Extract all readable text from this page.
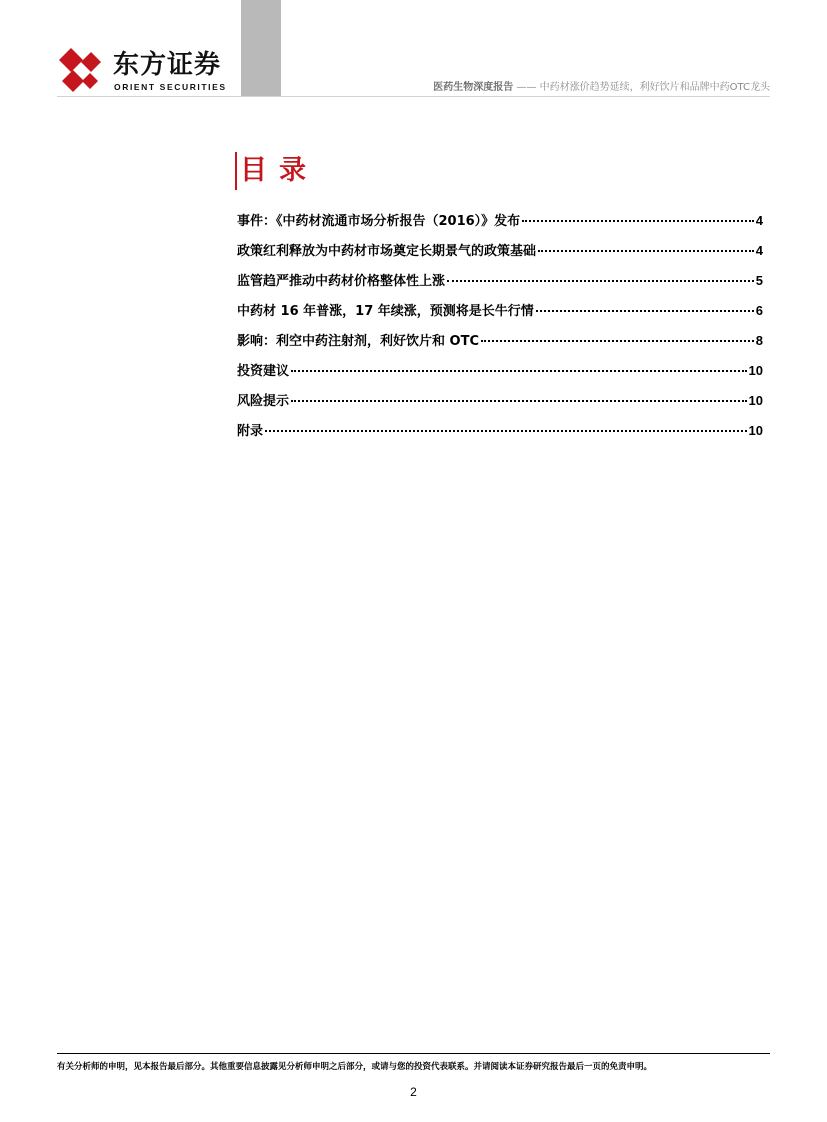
东方证券
ORIENT SECURITIES	医药生物深度报告 —— 中药材涨价趋势延续，利好饮片和品牌中药OTC龙头
目录
事件：《中药材流通市场分析报告（2016）》发布	4
政策红利释放为中药材市场奠定长期景气的政策基础	4
监管趋严推动中药材价格整体性上涨	5
中药材 16 年普涨，17 年续涨，预测将是长牛行情	6
影响：利空中药注射剂，利好饮片和 OTC	8
投资建议	10
风险提示	10
附录	10
有关分析师的申明，见本报告最后部分。其他重要信息披露见分析师申明之后部分，或请与您的投资代表联系。并请阅读本证券研究报告最后一页的免责申明。
2
